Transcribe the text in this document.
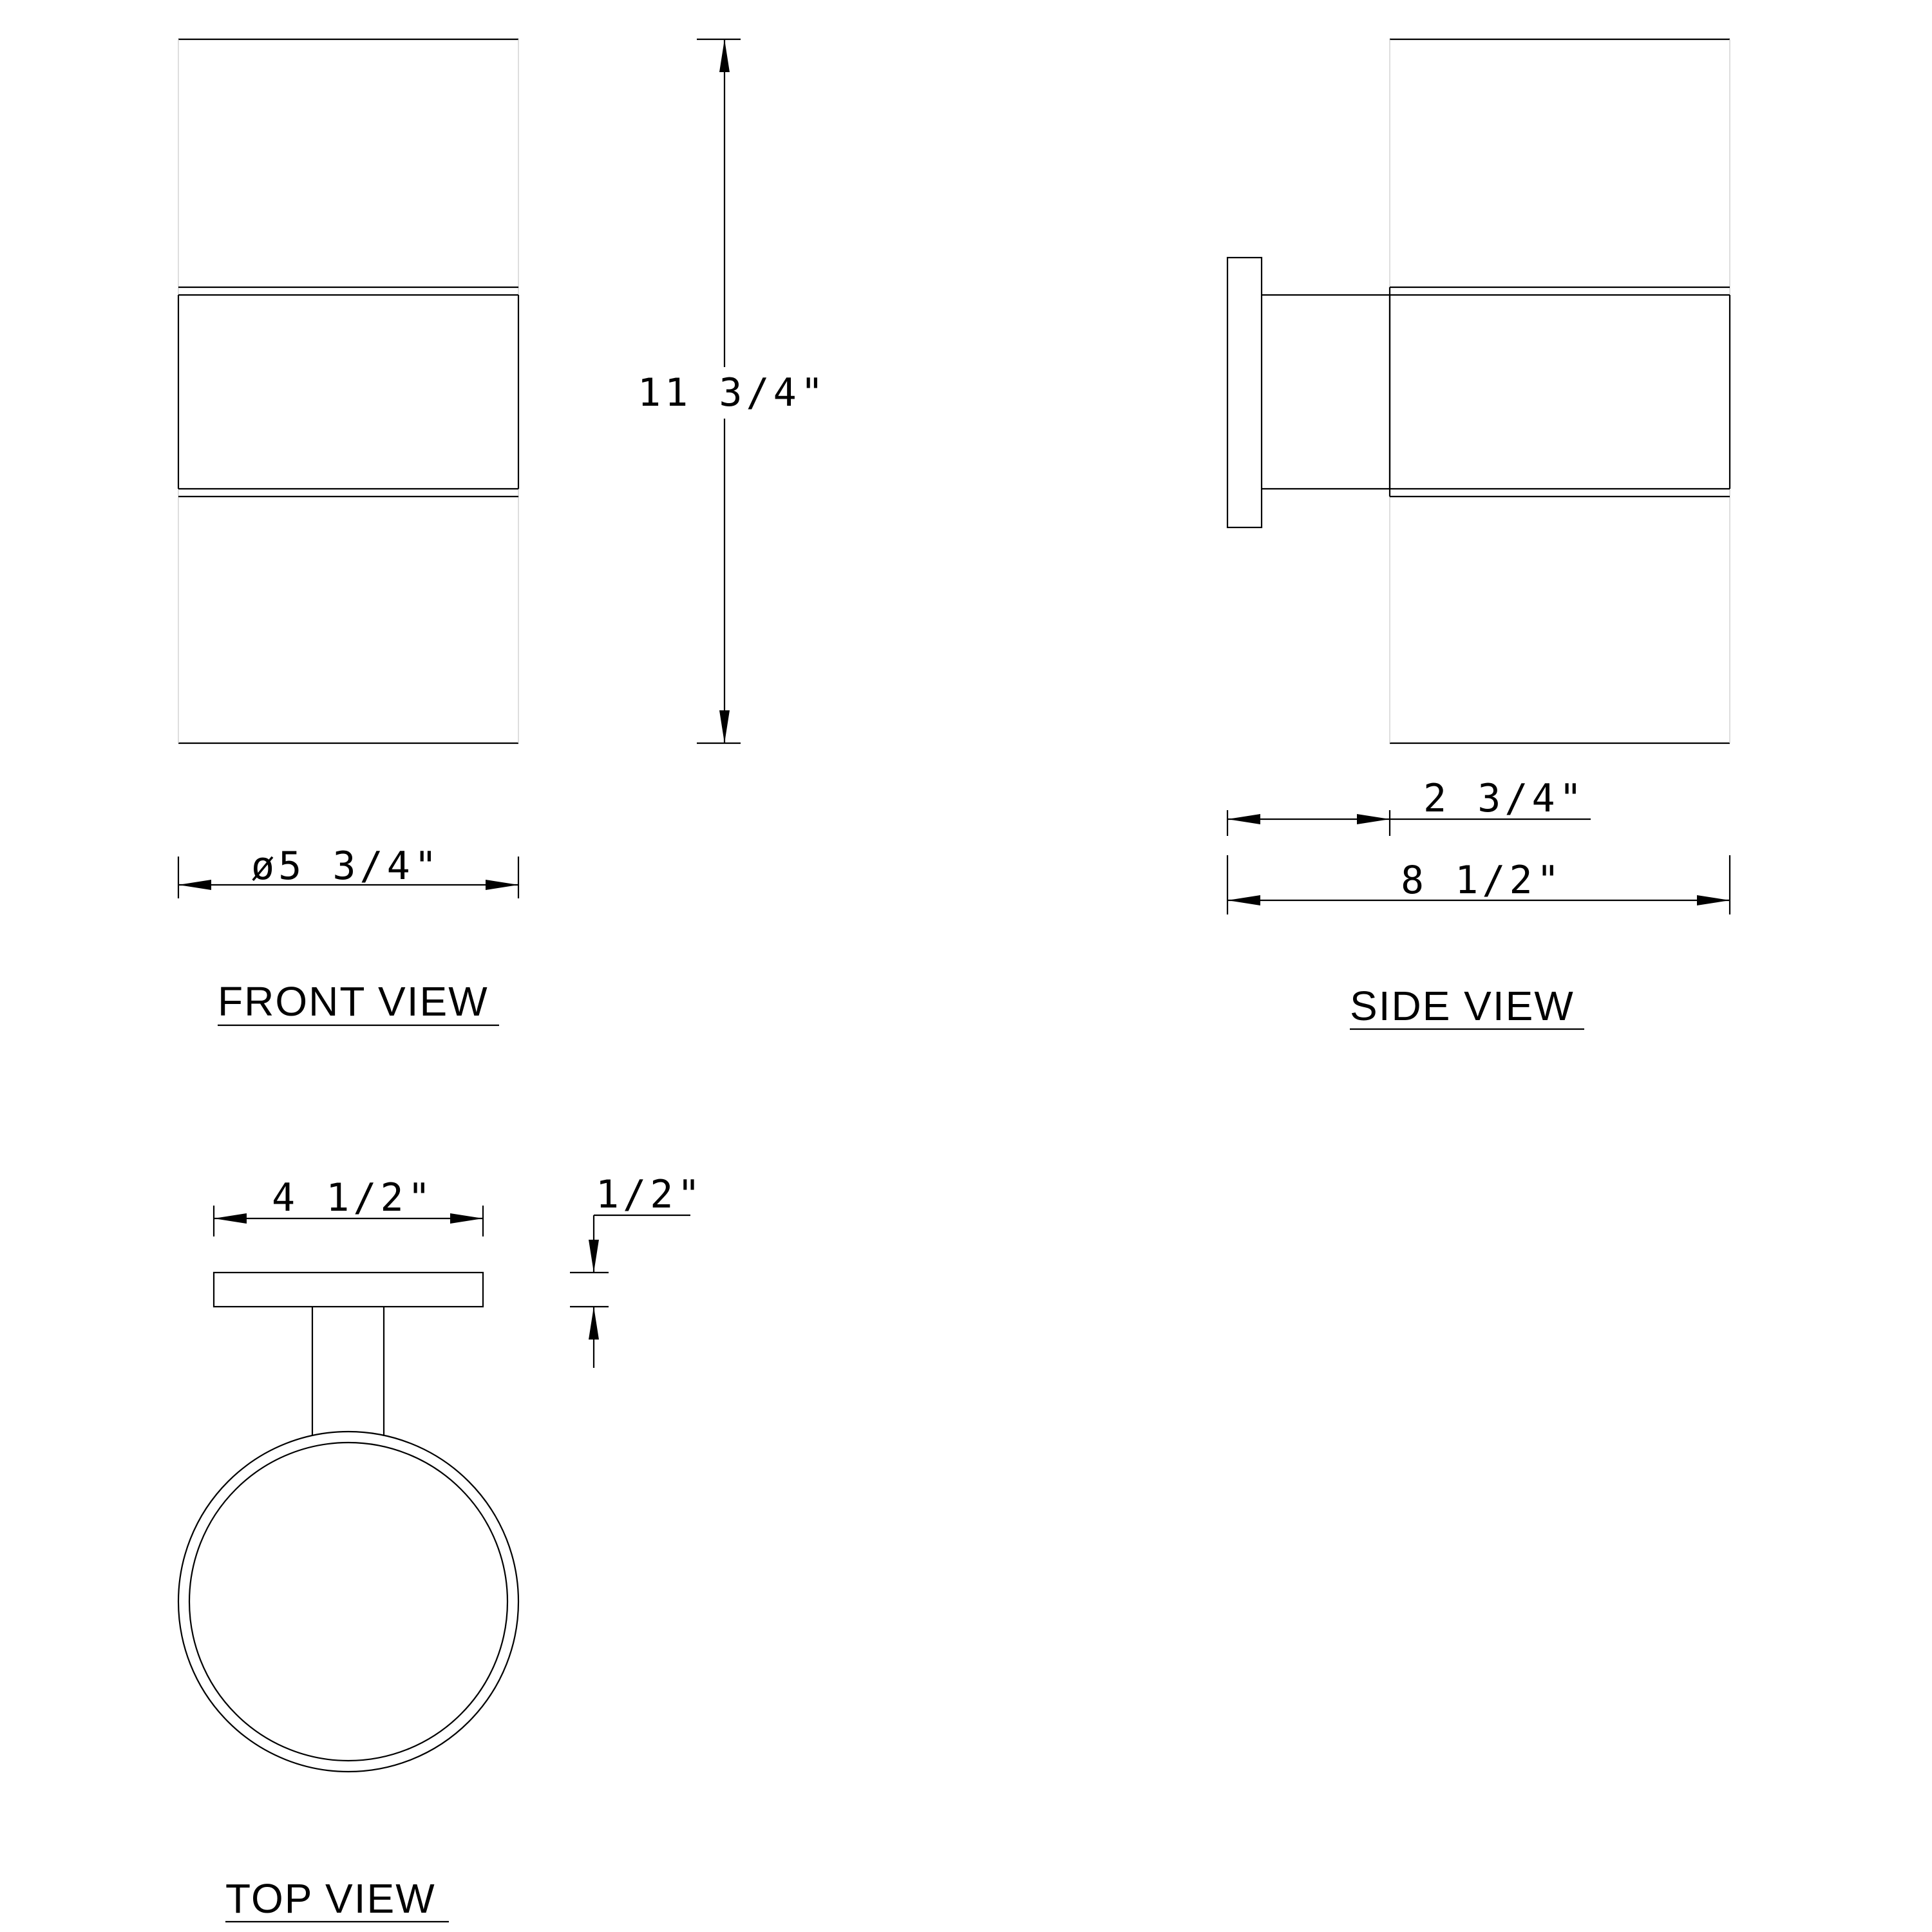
11 3/4"
ø5 3/4"
FRONT VIEW
2 3/4"
8 1/2"
SIDE VIEW
4 1/2"	1/2"
TOP VIEW
